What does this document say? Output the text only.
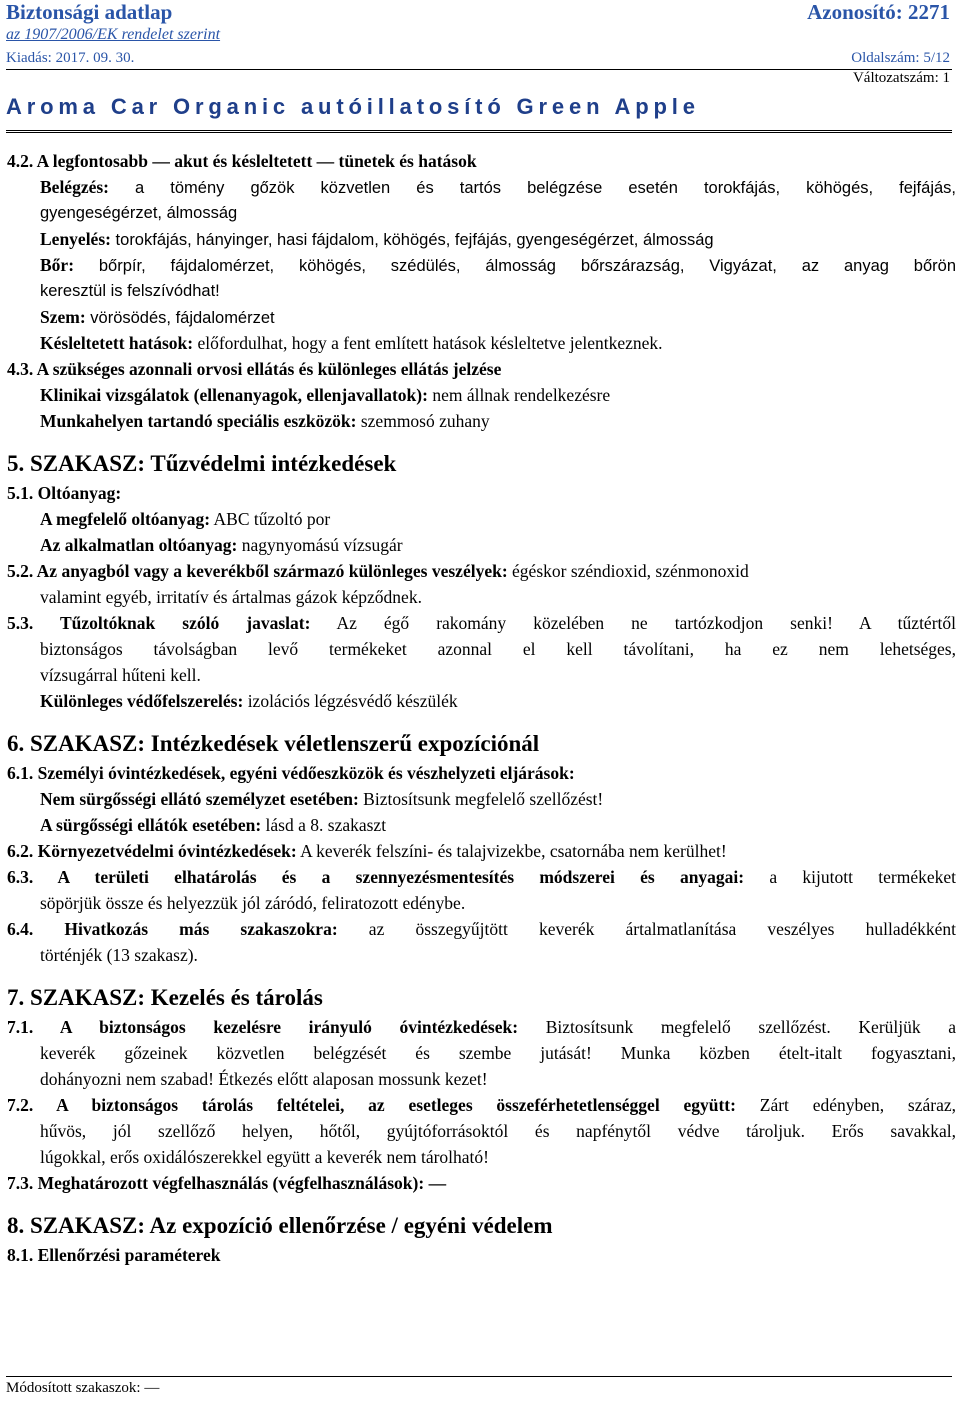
Biztonsági adatlap
az 1907/2006/EK rendelet szerint
Azonosító: 2271
Kiadás: 2017. 09. 30.	Oldalszám: 5/12
Változatszám: 1
Aroma Car Organic autóillatosító Green Apple
4.2. A legfontosabb — akut és késleltetett — tünetek és hatások
Belégzés: a tömény gőzök közvetlen és tartós belégzése esetén torokfájás, köhögés, fejfájás,
gyengeségérzet, álmosság
Lenyelés: torokfájás, hányinger, hasi fájdalom, köhögés, fejfájás, gyengeségérzet, álmosság
Bőr: bőrpír, fájdalomérzet, köhögés, szédülés, álmosság bőrszárazság, Vigyázat, az anyag bőrön
keresztül is felszívódhat!
Szem: vörösödés, fájdalomérzet
Késleltetett hatások: előfordulhat, hogy a fent említett hatások késleltetve jelentkeznek.
4.3. A szükséges azonnali orvosi ellátás és különleges ellátás jelzése
Klinikai vizsgálatok (ellenanyagok, ellenjavallatok): nem állnak rendelkezésre
Munkahelyen tartandó speciális eszközök: szemmosó zuhany
5. SZAKASZ: Tűzvédelmi intézkedések
5.1. Oltóanyag:
A megfelelő oltóanyag: ABC tűzoltó por
Az alkalmatlan oltóanyag: nagynyomású vízsugár
5.2. Az anyagból vagy a keverékből származó különleges veszélyek: égéskor széndioxid, szénmonoxid
valamint egyéb, irritatív és ártalmas gázok képződnek.
5.3. Tűzoltóknak szóló javaslat: Az égő rakomány közelében ne tartózkodjon senki! A tűztértől
biztonságos távolságban levő termékeket azonnal el kell távolítani, ha ez nem lehetséges,
vízsugárral hűteni kell.
Különleges védőfelszerelés: izolációs légzésvédő készülék
6. SZAKASZ: Intézkedések véletlenszerű expozíciónál
6.1. Személyi óvintézkedések, egyéni védőeszközök és vészhelyzeti eljárások:
Nem sürgősségi ellátó személyzet esetében: Biztosítsunk megfelelő szellőzést!
A sürgősségi ellátók esetében: lásd a 8. szakaszt
6.2. Környezetvédelmi óvintézkedések: A keverék felszíni- és talajvizekbe, csatornába nem kerülhet!
6.3. A területi elhatárolás és a szennyezésmentesítés módszerei és anyagai: a kijutott termékeket
söpörjük össze és helyezzük jól záródó, feliratozott edénybe.
6.4. Hivatkozás más szakaszokra: az összegyűjtött keverék ártalmatlanítása veszélyes hulladékként
történjék (13 szakasz).
7. SZAKASZ: Kezelés és tárolás
7.1. A biztonságos kezelésre irányuló óvintézkedések: Biztosítsunk megfelelő szellőzést. Kerüljük a
keverék gőzeinek közvetlen belégzését és szembe jutását! Munka közben ételt-italt fogyasztani,
dohányozni nem szabad! Étkezés előtt alaposan mossunk kezet!
7.2. A biztonságos tárolás feltételei, az esetleges összeférhetetlenséggel együtt: Zárt edényben, száraz,
hűvös, jól szellőző helyen, hőtől, gyújtóforrásoktól és napfénytől védve tároljuk. Erős savakkal,
lúgokkal, erős oxidálószerekkel együtt a keverék nem tárolható!
7.3. Meghatározott végfelhasználás (végfelhasználások): —
8. SZAKASZ: Az expozíció ellenőrzése / egyéni védelem
8.1. Ellenőrzési paraméterek
Módosított szakaszok: —
